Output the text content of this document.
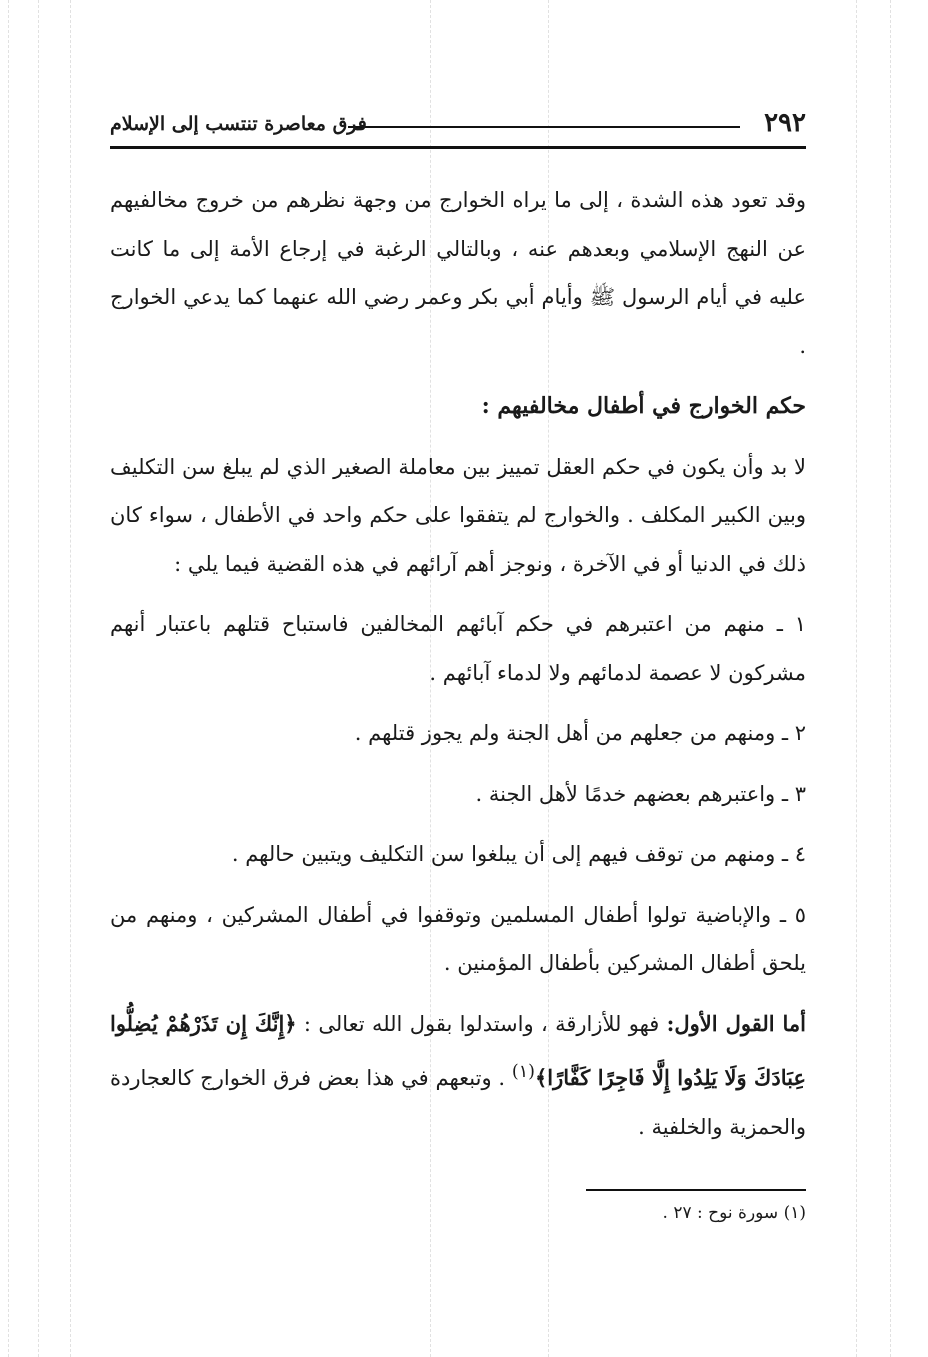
٢٩٢
فرق معاصرة تنتسب إلى الإسلام

وقد تعود هذه الشدة ، إلى ما يراه الخوارج من وجهة نظرهم من خروج مخالفيهم عن النهج الإسلامي وبعدهم عنه ، وبالتالي الرغبة في إرجاع الأمة إلى ما كانت عليه في أيام الرسول ﷺ وأيام أبي بكر وعمر رضي الله عنهما كما يدعي الخوارج .

حكم الخوارج في أطفال مخالفيهم :

لا بد وأن يكون في حكم العقل تمييز بين معاملة الصغير الذي لم يبلغ سن التكليف وبين الكبير المكلف . والخوارج لم يتفقوا على حكم واحد في الأطفال ، سواء كان ذلك في الدنيا أو في الآخرة ، ونوجز أهم آرائهم في هذه القضية فيما يلي :

١ ـ منهم من اعتبرهم في حكم آبائهم المخالفين فاستباح قتلهم باعتبار أنهم مشركون لا عصمة لدمائهم ولا لدماء آبائهم .

٢ ـ ومنهم من جعلهم من أهل الجنة ولم يجوز قتلهم .

٣ ـ واعتبرهم بعضهم خدمًا لأهل الجنة .

٤ ـ ومنهم من توقف فيهم إلى أن يبلغوا سن التكليف ويتبين حالهم .

٥ ـ والإباضية تولوا أطفال المسلمين وتوقفوا في أطفال المشركين ، ومنهم من يلحق أطفال المشركين بأطفال المؤمنين .

أما القول الأول: فهو للأزارقة ، واستدلوا بقول الله تعالى : ﴿إِنَّكَ إِن تَذَرْهُمْ يُضِلُّوا عِبَادَكَ وَلَا يَلِدُوا إِلَّا فَاجِرًا كَفَّارًا﴾$^{(١)}$ . وتبعهم في هذا بعض فرق الخوارج كالعجاردة والحمزية والخلفية .

(١) سورة نوح : ٢٧ .
